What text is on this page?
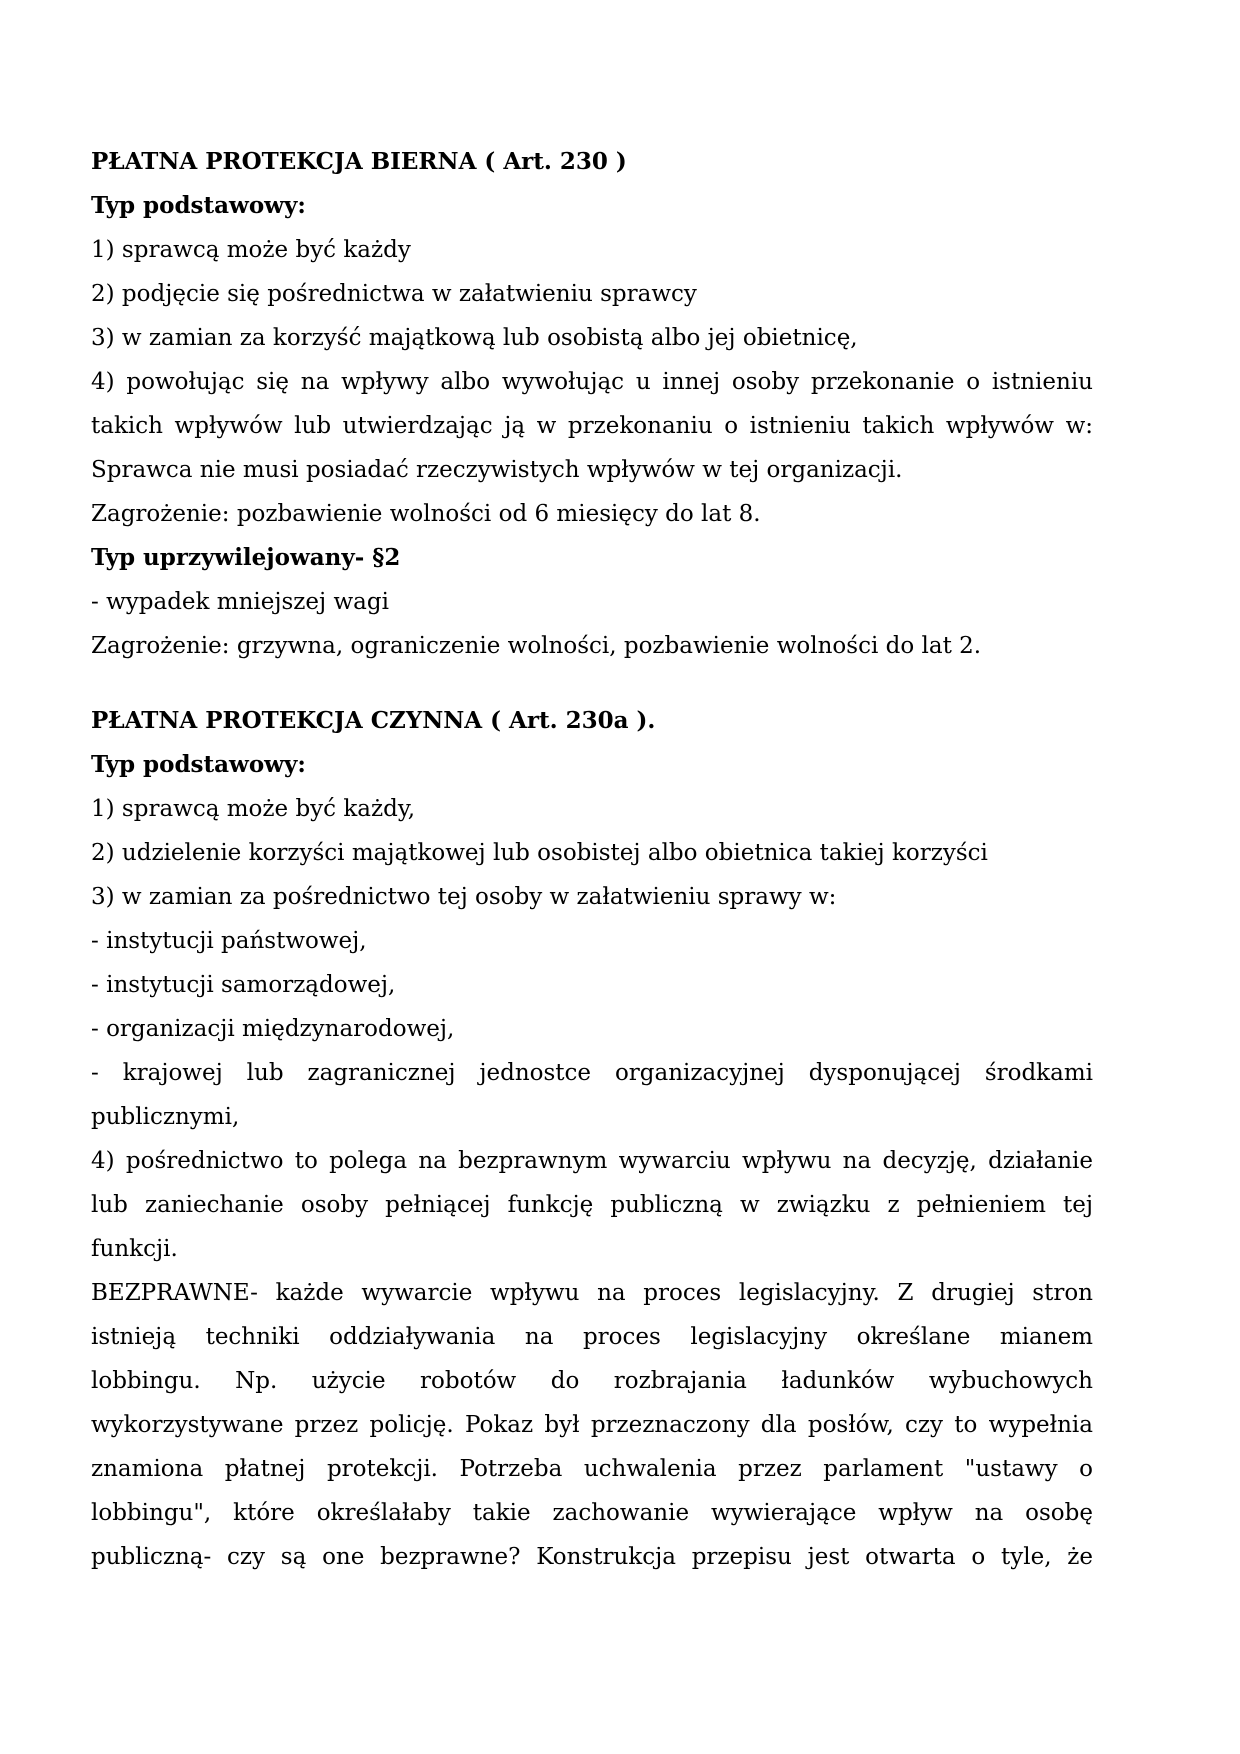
PŁATNA PROTEKCJA BIERNA ( Art. 230 )
Typ podstawowy:
1) sprawcą może być każdy
2) podjęcie się pośrednictwa w załatwieniu sprawcy
3) w zamian za korzyść majątkową lub osobistą albo jej obietnicę,
4) powołując się na wpływy albo wywołując u innej osoby przekonanie o istnieniu
takich wpływów lub utwierdzając ją w przekonaniu o istnieniu takich wpływów w:
Sprawca nie musi posiadać rzeczywistych wpływów w tej organizacji.
Zagrożenie: pozbawienie wolności od 6 miesięcy do lat 8.
Typ uprzywilejowany- §2
- wypadek mniejszej wagi
Zagrożenie: grzywna, ograniczenie wolności, pozbawienie wolności do lat 2.
PŁATNA PROTEKCJA CZYNNA ( Art. 230a ).
Typ podstawowy:
1) sprawcą może być każdy,
2) udzielenie korzyści majątkowej lub osobistej albo obietnica takiej korzyści
3) w zamian za pośrednictwo tej osoby w załatwieniu sprawy w:
- instytucji państwowej,
- instytucji samorządowej,
- organizacji międzynarodowej,
- krajowej lub zagranicznej jednostce organizacyjnej dysponującej środkami
publicznymi,
4) pośrednictwo to polega na bezprawnym wywarciu wpływu na decyzję, działanie
lub zaniechanie osoby pełniącej funkcję publiczną w związku z pełnieniem tej
funkcji.
BEZPRAWNE- każde wywarcie wpływu na proces legislacyjny. Z drugiej stron
istnieją techniki oddziaływania na proces legislacyjny określane mianem
lobbingu. Np. użycie robotów do rozbrajania ładunków wybuchowych
wykorzystywane przez policję. Pokaz był przeznaczony dla posłów, czy to wypełnia
znamiona płatnej protekcji. Potrzeba uchwalenia przez parlament "ustawy o
lobbingu", które określałaby takie zachowanie wywierające wpływ na osobę
publiczną- czy są one bezprawne? Konstrukcja przepisu jest otwarta o tyle, że
